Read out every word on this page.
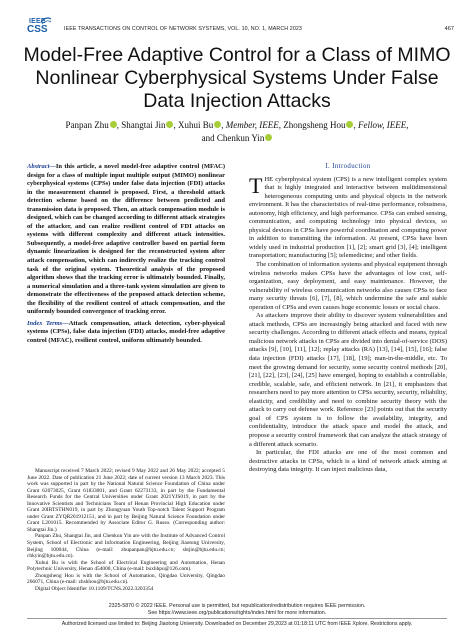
IEEE
CSS	IEEE TRANSACTIONS ON CONTROL OF NETWORK SYSTEMS, VOL. 10, NO. 1, MARCH 2023	467
Model-Free Adaptive Control for a Class of MIMO Nonlinear Cyberphysical Systems Under False Data Injection Attacks
Panpan Zhu , Shangtai Jin , Xuhui Bu , Member, IEEE, Zhongsheng Hou , Fellow, IEEE,
and Chenkun Yin

Abstract—In this article, a novel model-free adaptive control (MFAC) design for a class of multiple input multiple output (MIMO) nonlinear cyberphysical systems (CPSs) under false data injection (FDI) attacks in the measurement channel is proposed. First, a threshold attack detection scheme based on the difference between predicted and transmission data is proposed. Then, an attack compensation module is designed, which can be changed according to different attack strategies of the attacker, and can realize resilient control of FDI attacks on systems with different complexity and different attack intensities. Subsequently, a model-free adaptive controller based on partial form dynamic linearization is designed for the reconstructed system after attack compensation, which can indirectly realize the tracking control task of the original system. Theoretical analysis of the proposed algorithm shows that the tracking error is ultimately bounded. Finally, a numerical simulation and a three-tank system simulation are given to demonstrate the effectiveness of the proposed attack detection scheme, the flexibility of the resilient control of attack compensation, and the uniformly bounded convergence of tracking error.

Index Terms—Attack compensation, attack detection, cyber-physical systems (CPSs), false data injection (FDI) attacks, model-free adaptive control (MFAC), resilient control, uniform ultimately bounded.

Manuscript received 7 March 2022; revised 9 May 2022 and 26 May 2022; accepted 5 June 2022. Date of publication 21 June 2022; date of current version 13 March 2023. This work was supported in part by the National Natural Science Foundation of China under Grant 62073025, Grant 61833001, and Grant 62273133, in part by the Fundamental Research Funds for the Central Universities under Grant 2021YJS019, in part by the Innovative Scientists and Technicians Team of Henan Provincial High Education under Grant 20IRTSTHN019, in part by Zhongyuan Youth Top-notch Talent Support Program under Grant ZYQR201912151, and in part by Beijing Natural Science Foundation under Grant L201015. Recommended by Associate Editor G. Russo. (Corresponding author: Shangtai Jin.)

Panpan Zhu, Shangtai Jin, and Chenkun Yin are with the Institute of Advanced Control System, School of Electronic and Information Engineering, Beijing Jiaotong University, Beijing 100044, China (e-mail: zhupanpan@bjtu.edu.cn; shtjin@bjtu.edu.cn; chkyin@bjtu.edu.cn).

Xuhui Bu is with the School of Electrical Engineering and Automation, Henan Polytechnic University, Henan 454000, China (e-mail: buxhhpu@126.com).

Zhongsheng Hou is with the School of Automation, Qingdao University, Qingdao 266071, China (e-mail: zhshhou@bjtu.edu.cn).

Digital Object Identifier 10.1109/TCNS.2022.3203354

I. Introduction

THE cyberphysical system (CPS) is a new intelligent complex system that is highly integrated and interactive between multidimensional heterogeneous computing units and physical objects in the network environment. It has the characteristics of real-time performance, robustness, autonomy, high efficiency, and high performance. CPSs can embed sensing, communication, and computing technology into physical devices, so physical devices in CPSs have powerful coordination and computing power in addition to transmitting the information. At present, CPSs have been widely used in industrial production [1], [2]; smart grid [3], [4]; intelligent transportation; manufacturing [5]; telemedicine; and other fields.

The combination of information systems and physical equipment through wireless networks makes CPSs have the advantages of low cost, self-organization, easy deployment, and easy maintenance. However, the vulnerability of wireless communication networks also causes CPSs to face many security threats [6], [7], [8], which undermine the safe and stable operation of CPSs and even causes huge economic losses or social chaos.

As attackers improve their ability to discover system vulnerabilities and attack methods, CPSs are increasingly being attacked and faced with new security challenges. According to different attack effects and means, typical malicious network attacks in CPSs are divided into denial-of-service (DOS) attacks [9], [10], [11], [12]; replay attacks (RA) [13], [14], [15], [16]; false data injection (FDI) attacks [17], [18], [19]; man-in-the-middle, etc. To meet the growing demand for security, some security control methods [20], [21], [22], [23], [24], [25] have emerged, hoping to establish a controllable, credible, scalable, safe, and efficient network. In [21], it emphasizes that researchers need to pay more attention to CPSs security, security, reliability, elasticity, and credibility and need to combine security theory with the attack to carry out defense work. Reference [23] points out that the security goal of CPS system is to follow the availability, integrity, and confidentiality, introduce the attack space and model the attack, and propose a security control framework that can analyze the attack strategy of a different attack scenario.

In particular, the FDI attacks are one of the most common and destructive attacks in CPSs, which is a kind of network attack aiming at destroying data integrity. It can inject malicious data,

2325-5870 © 2022 IEEE. Personal use is permitted, but republication/redistribution requires IEEE permission.
See https://www.ieee.org/publications/rights/index.html for more information.
Authorized licensed use limited to: Beijing Jiaotong University. Downloaded on December 29,2023 at 01:18:11 UTC from IEEE Xplore. Restrictions apply.
